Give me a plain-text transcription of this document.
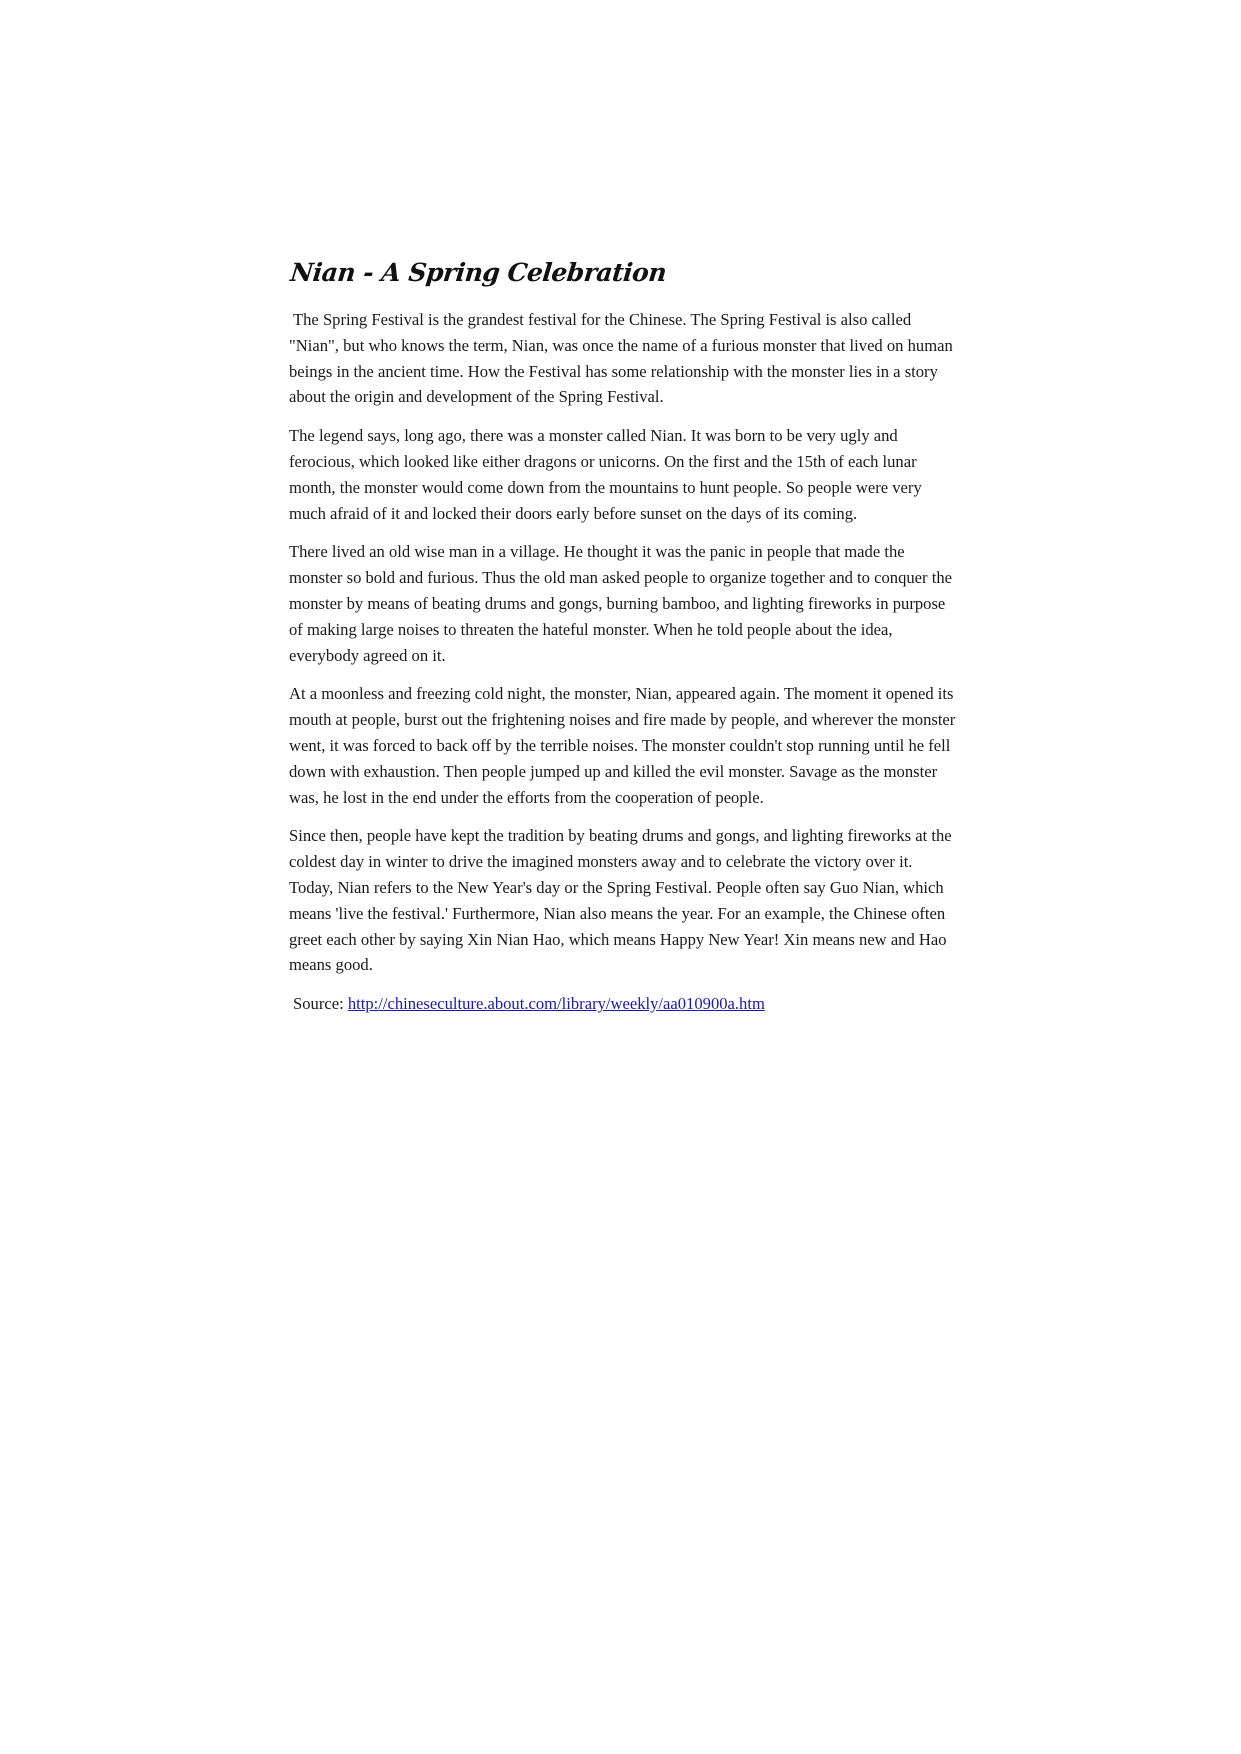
Nian - A Spring Celebration

The Spring Festival is the grandest festival for the Chinese. The Spring Festival is also called "Nian", but who knows the term, Nian, was once the name of a furious monster that lived on human beings in the ancient time. How the Festival has some relationship with the monster lies in a story about the origin and development of the Spring Festival.

The legend says, long ago, there was a monster called Nian. It was born to be very ugly and ferocious, which looked like either dragons or unicorns. On the first and the 15th of each lunar month, the monster would come down from the mountains to hunt people. So people were very much afraid of it and locked their doors early before sunset on the days of its coming.

There lived an old wise man in a village. He thought it was the panic in people that made the monster so bold and furious. Thus the old man asked people to organize together and to conquer the monster by means of beating drums and gongs, burning bamboo, and lighting fireworks in purpose of making large noises to threaten the hateful monster. When he told people about the idea, everybody agreed on it.

At a moonless and freezing cold night, the monster, Nian, appeared again. The moment it opened its mouth at people, burst out the frightening noises and fire made by people, and wherever the monster went, it was forced to back off by the terrible noises. The monster couldn't stop running until he fell down with exhaustion. Then people jumped up and killed the evil monster. Savage as the monster was, he lost in the end under the efforts from the cooperation of people.

Since then, people have kept the tradition by beating drums and gongs, and lighting fireworks at the coldest day in winter to drive the imagined monsters away and to celebrate the victory over it. Today, Nian refers to the New Year's day or the Spring Festival. People often say Guo Nian, which means 'live the festival.' Furthermore, Nian also means the year. For an example, the Chinese often greet each other by saying Xin Nian Hao, which means Happy New Year! Xin means new and Hao means good.

Source: http://chineseculture.about.com/library/weekly/aa010900a.htm
